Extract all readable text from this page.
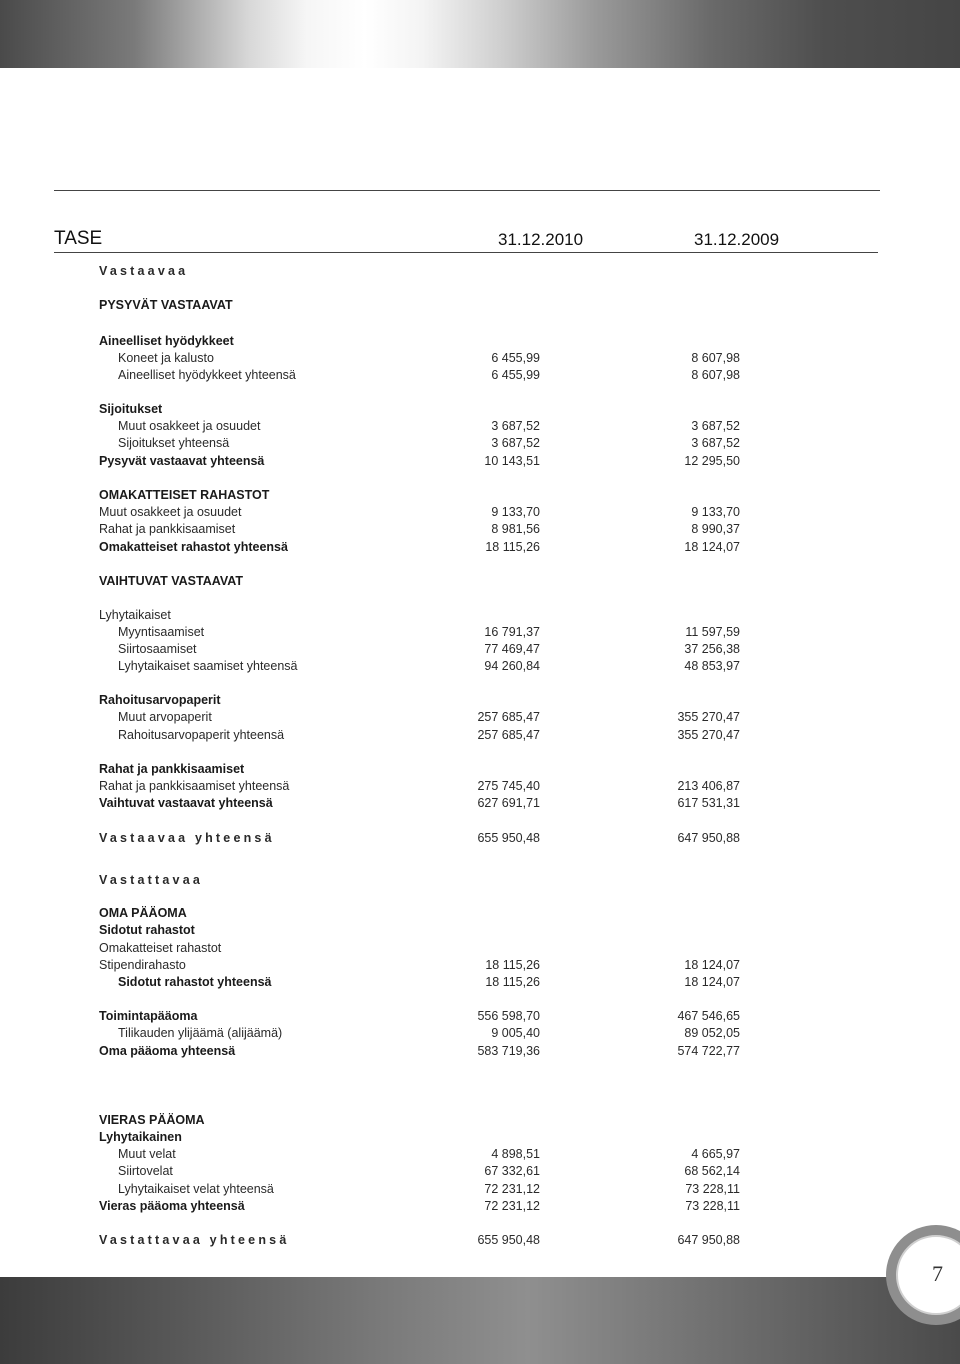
TASE	31.12.2010	31.12.2009
Vastaavaa
PYSYVÄT VASTAAVAT
Aineelliset hyödykkeet
Koneet ja kalusto	6 455,99	8 607,98
Aineelliset hyödykkeet yhteensä	6 455,99	8 607,98
Sijoitukset
Muut osakkeet ja osuudet	3 687,52	3 687,52
Sijoitukset yhteensä	3 687,52	3 687,52
Pysyvät vastaavat yhteensä	10 143,51	12 295,50
OMAKATTEISET RAHASTOT
Muut osakkeet ja osuudet	9 133,70	9 133,70
Rahat ja pankkisaamiset	8 981,56	8 990,37
Omakatteiset rahastot yhteensä	18 115,26	18 124,07
VAIHTUVAT VASTAAVAT
Lyhytaikaiset
Myyntisaamiset	16 791,37	11 597,59
Siirtosaamiset	77 469,47	37 256,38
Lyhytaikaiset saamiset yhteensä	94 260,84	48 853,97
Rahoitusarvopaperit
Muut arvopaperit	257 685,47	355 270,47
Rahoitusarvopaperit yhteensä	257 685,47	355 270,47
Rahat ja pankkisaamiset
Rahat ja pankkisaamiset yhteensä	275 745,40	213 406,87
Vaihtuvat vastaavat yhteensä	627 691,71	617 531,31
Vastaavaa yhteensä	655 950,48	647 950,88
Vastattavaa
OMA PÄÄOMA
Sidotut rahastot
Omakatteiset rahastot
Stipendirahasto	18 115,26	18 124,07
Sidotut rahastot yhteensä	18 115,26	18 124,07
Toimintapääoma	556 598,70	467 546,65
Tilikauden ylijäämä (alijäämä)	9 005,40	89 052,05
Oma pääoma yhteensä	583 719,36	574 722,77
VIERAS PÄÄOMA
Lyhytaikainen
Muut velat	4 898,51	4 665,97
Siirtovelat	67 332,61	68 562,14
Lyhytaikaiset velat yhteensä	72 231,12	73 228,11
Vieras pääoma yhteensä	72 231,12	73 228,11
Vastattavaa yhteensä	655 950,48	647 950,88
7
